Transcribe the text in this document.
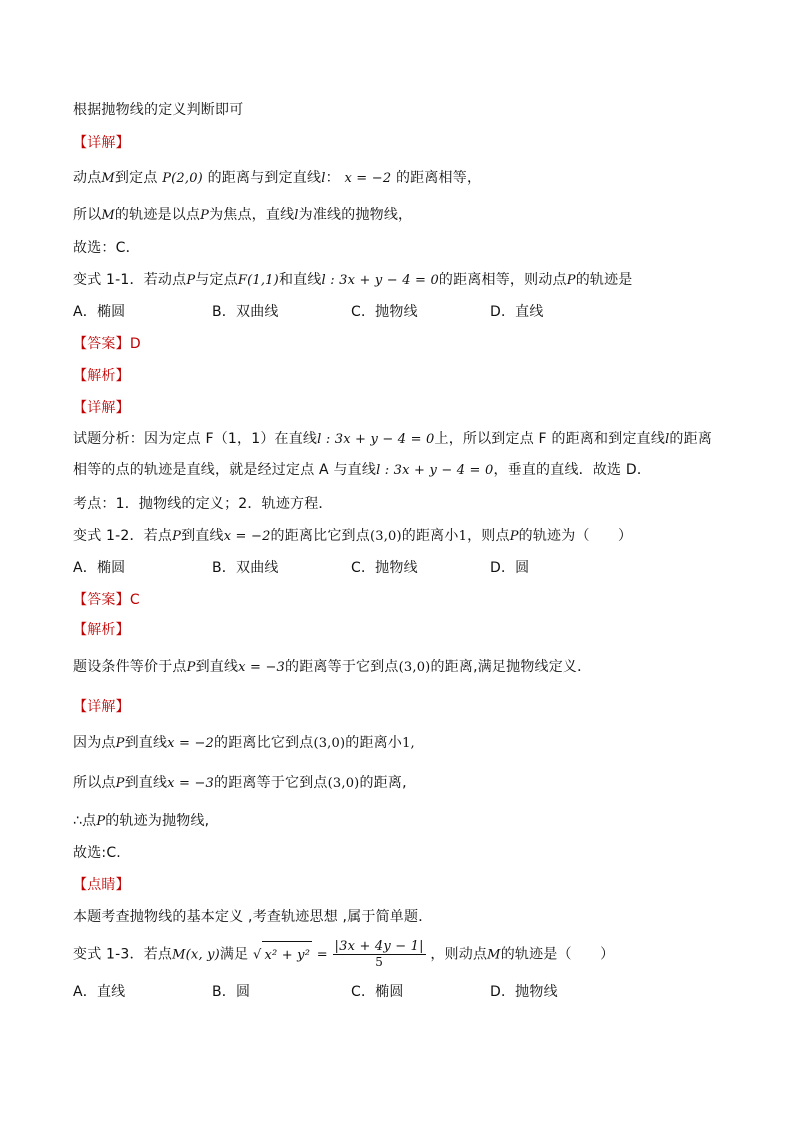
根据抛物线的定义判断即可
【详解】
动点M到定点 P(2,0) 的距离与到定直线l： x = −2 的距离相等，
所以M的轨迹是以点P为焦点，直线l为准线的抛物线，
故选：C．
变式 1-1．若动点P与定点F(1,1)和直线l : 3x + y − 4 = 0的距离相等，则动点P的轨迹是
A．椭圆	B．双曲线	C．抛物线	D．直线
【答案】D
【解析】
【详解】
试题分析：因为定点 F（1，1）在直线l : 3x + y − 4 = 0上，所以到定点 F 的距离和到定直线l的距离相等的点的轨迹是直线，就是经过定点 A 与直线l : 3x + y − 4 = 0，垂直的直线．故选 D．
考点：1．抛物线的定义；2．轨迹方程．
变式 1-2．若点P到直线x = −2的距离比它到点(3,0)的距离小1，则点P的轨迹为（　　）
A．椭圆	B．双曲线	C．抛物线	D．圆
【答案】C
【解析】
题设条件等价于点P到直线x = −3的距离等于它到点(3,0)的距离,满足抛物线定义．
【详解】
因为点P到直线x = −2的距离比它到点(3,0)的距离小1,
所以点P到直线x = −3的距离等于它到点(3,0)的距离,
∴点P的轨迹为抛物线,
故选:C.
【点睛】
本题考查抛物线的基本定义 ,考查轨迹思想 ,属于简单题．
变式 1-3．若点M(x, y)满足 √ $x^2 + y^2 = \frac{|3x + 4y - 1|}{5}$ ，则动点M的轨迹是（　　）
A．直线	B．圆	C．椭圆	D．抛物线
